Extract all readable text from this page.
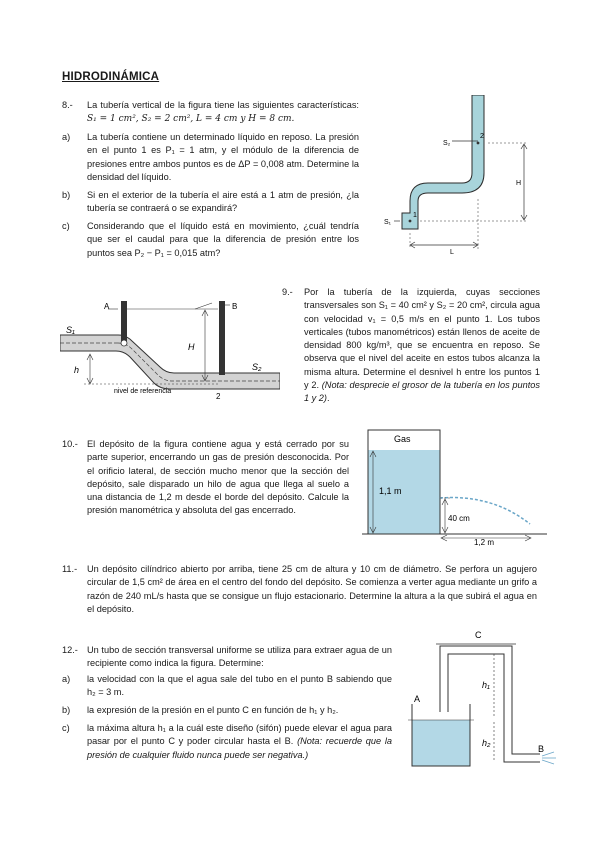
HIDRODINÁMICA
8.- La tubería vertical de la figura tiene las siguientes características: S₁ = 1 cm², S₂ = 2 cm², L = 4 cm y H = 8 cm.
a) La tubería contiene un determinado líquido en reposo. La presión en el punto 1 es P₁ = 1 atm, y el módulo de la diferencia de presiones entre ambos puntos es de ΔP = 0,008 atm. Determine la densidad del líquido.
b) Si en el exterior de la tubería el aire está a 1 atm de presión, ¿la tubería se contraerá o se expandirá?
c) Considerando que el líquido está en movimiento, ¿cuál tendría que ser el caudal para que la diferencia de presión entre los puntos sea P₂ − P₁ = 0,015 atm?
2
1
S₂
S₁
H
L
A	B
H
h
nivel de referencia
S₁
S₂
2
9.- Por la tubería de la izquierda, cuyas secciones transversales son S₁ = 40 cm² y S₂ = 20 cm², circula agua con velocidad v₁ = 0,5 m/s en el punto 1. Los tubos verticales (tubos manométricos) están llenos de aceite de densidad 800 kg/m³, que se encuentra en reposo. Se observa que el nivel del aceite en estos tubos alcanza la misma altura. Determine el desnivel h entre los puntos 1 y 2. (Nota: desprecie el grosor de la tubería en los puntos 1 y 2).
10.- El depósito de la figura contiene agua y está cerrado por su parte superior, encerrando un gas de presión desconocida. Por el orificio lateral, de sección mucho menor que la sección del depósito, sale disparado un hilo de agua que llega al suelo a una distancia de 1,2 m desde el borde del depósito. Calcule la presión manométrica y absoluta del gas encerrado.
Gas
1,1 m
40 cm
1,2 m
11.- Un depósito cilíndrico abierto por arriba, tiene 25 cm de altura y 10 cm de diámetro. Se perfora un agujero circular de 1,5 cm² de área en el centro del fondo del depósito. Se comienza a verter agua mediante un grifo a razón de 240 mL/s hasta que se consigue un flujo estacionario. Determine la altura a la que subirá el agua en el depósito.
12.- Un tubo de sección transversal uniforme se utiliza para extraer agua de un recipiente como indica la figura. Determine:
a) la velocidad con la que el agua sale del tubo en el punto B sabiendo que h₂ = 3 m.
b) la expresión de la presión en el punto C en función de h₁ y h₂.
c) la máxima altura h₁ a la cuál este diseño (sifón) puede elevar el agua para pasar por el punto C y poder circular hasta el B. (Nota: recuerde que la presión de cualquier fluido nunca puede ser negativa.)
C
A
h₁
h₂
B
